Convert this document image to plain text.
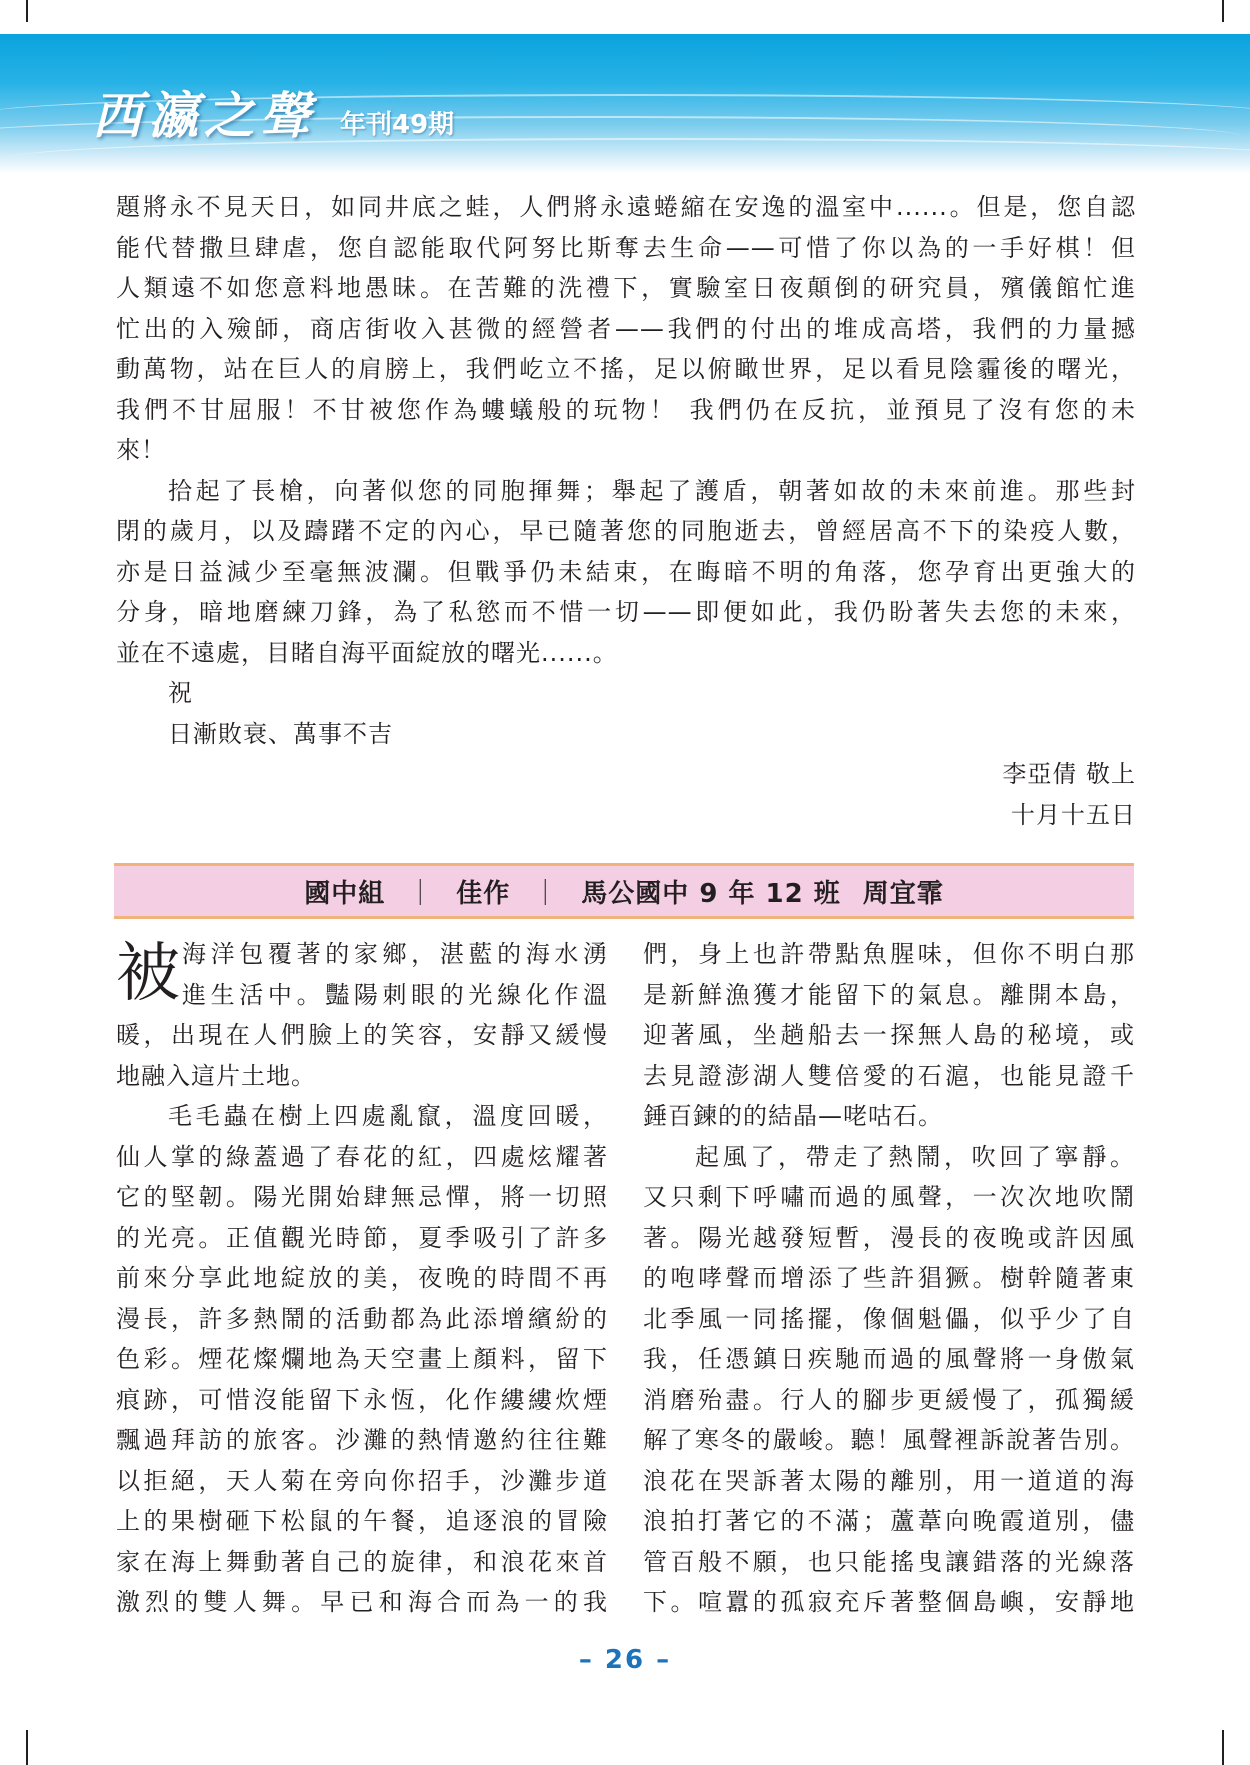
西瀛之聲 年刊49期
題將永不見天日，如同井底之蛙，人們將永遠蜷縮在安逸的溫室中......。但是，您自認
能代替撒旦肆虐，您自認能取代阿努比斯奪去生命——可惜了你以為的一手好棋！但
人類遠不如您意料地愚昧。在苦難的洗禮下，實驗室日夜顛倒的研究員，殯儀館忙進
忙出的入殮師，商店街收入甚微的經營者——我們的付出的堆成高塔，我們的力量撼
動萬物，站在巨人的肩膀上，我們屹立不搖，足以俯瞰世界，足以看見陰霾後的曙光，
我們不甘屈服！不甘被您作為螻蟻般的玩物！ 我們仍在反抗，並預見了沒有您的未
來！
拾起了長槍，向著似您的同胞揮舞；舉起了護盾，朝著如故的未來前進。那些封
閉的歲月，以及躊躇不定的內心，早已隨著您的同胞逝去，曾經居高不下的染疫人數，
亦是日益減少至毫無波瀾。但戰爭仍未結束，在晦暗不明的角落，您孕育出更強大的
分身，暗地磨練刀鋒，為了私慾而不惜一切——即便如此，我仍盼著失去您的未來，
並在不遠處，目睹自海平面綻放的曙光......。
祝
日漸敗衰、萬事不吉
李亞倩 敬上
十月十五日
國中組 ｜ 佳作 ｜ 馬公國中 9 年 12 班 周宜霏
被 海洋包覆著的家鄉，湛藍的海水湧
進生活中。豔陽刺眼的光線化作溫
暖，出現在人們臉上的笑容，安靜又緩慢
地融入這片土地。
毛毛蟲在樹上四處亂竄，溫度回暖，
仙人掌的綠蓋過了春花的紅，四處炫耀著
它的堅韌。陽光開始肆無忌憚，將一切照
的光亮。正值觀光時節，夏季吸引了許多
前來分享此地綻放的美，夜晚的時間不再
漫長，許多熱鬧的活動都為此添增繽紛的
色彩。煙花燦爛地為天空畫上顏料，留下
痕跡，可惜沒能留下永恆，化作縷縷炊煙
飄過拜訪的旅客。沙灘的熱情邀約往往難
以拒絕，天人菊在旁向你招手，沙灘步道
上的果樹砸下松鼠的午餐，追逐浪的冒險
家在海上舞動著自己的旋律，和浪花來首
激烈的雙人舞。早已和海合而為一的我
們，身上也許帶點魚腥味，但你不明白那
是新鮮漁獲才能留下的氣息。離開本島，
迎著風，坐趟船去一探無人島的秘境，或
去見證澎湖人雙倍愛的石滬，也能見證千
錘百鍊的的結晶—咾咕石。
起風了，帶走了熱鬧，吹回了寧靜。
又只剩下呼嘯而過的風聲，一次次地吹鬧
著。陽光越發短暫，漫長的夜晚或許因風
的咆哮聲而增添了些許猖獗。樹幹隨著東
北季風一同搖擺，像個魁儡，似乎少了自
我，任憑鎮日疾馳而過的風聲將一身傲氣
消磨殆盡。行人的腳步更緩慢了，孤獨緩
解了寒冬的嚴峻。聽！風聲裡訴說著告別。
浪花在哭訴著太陽的離別，用一道道的海
浪拍打著它的不滿；蘆葦向晚霞道別，儘
管百般不願，也只能搖曳讓錯落的光線落
下。喧囂的孤寂充斥著整個島嶼，安靜地
– 26 –
